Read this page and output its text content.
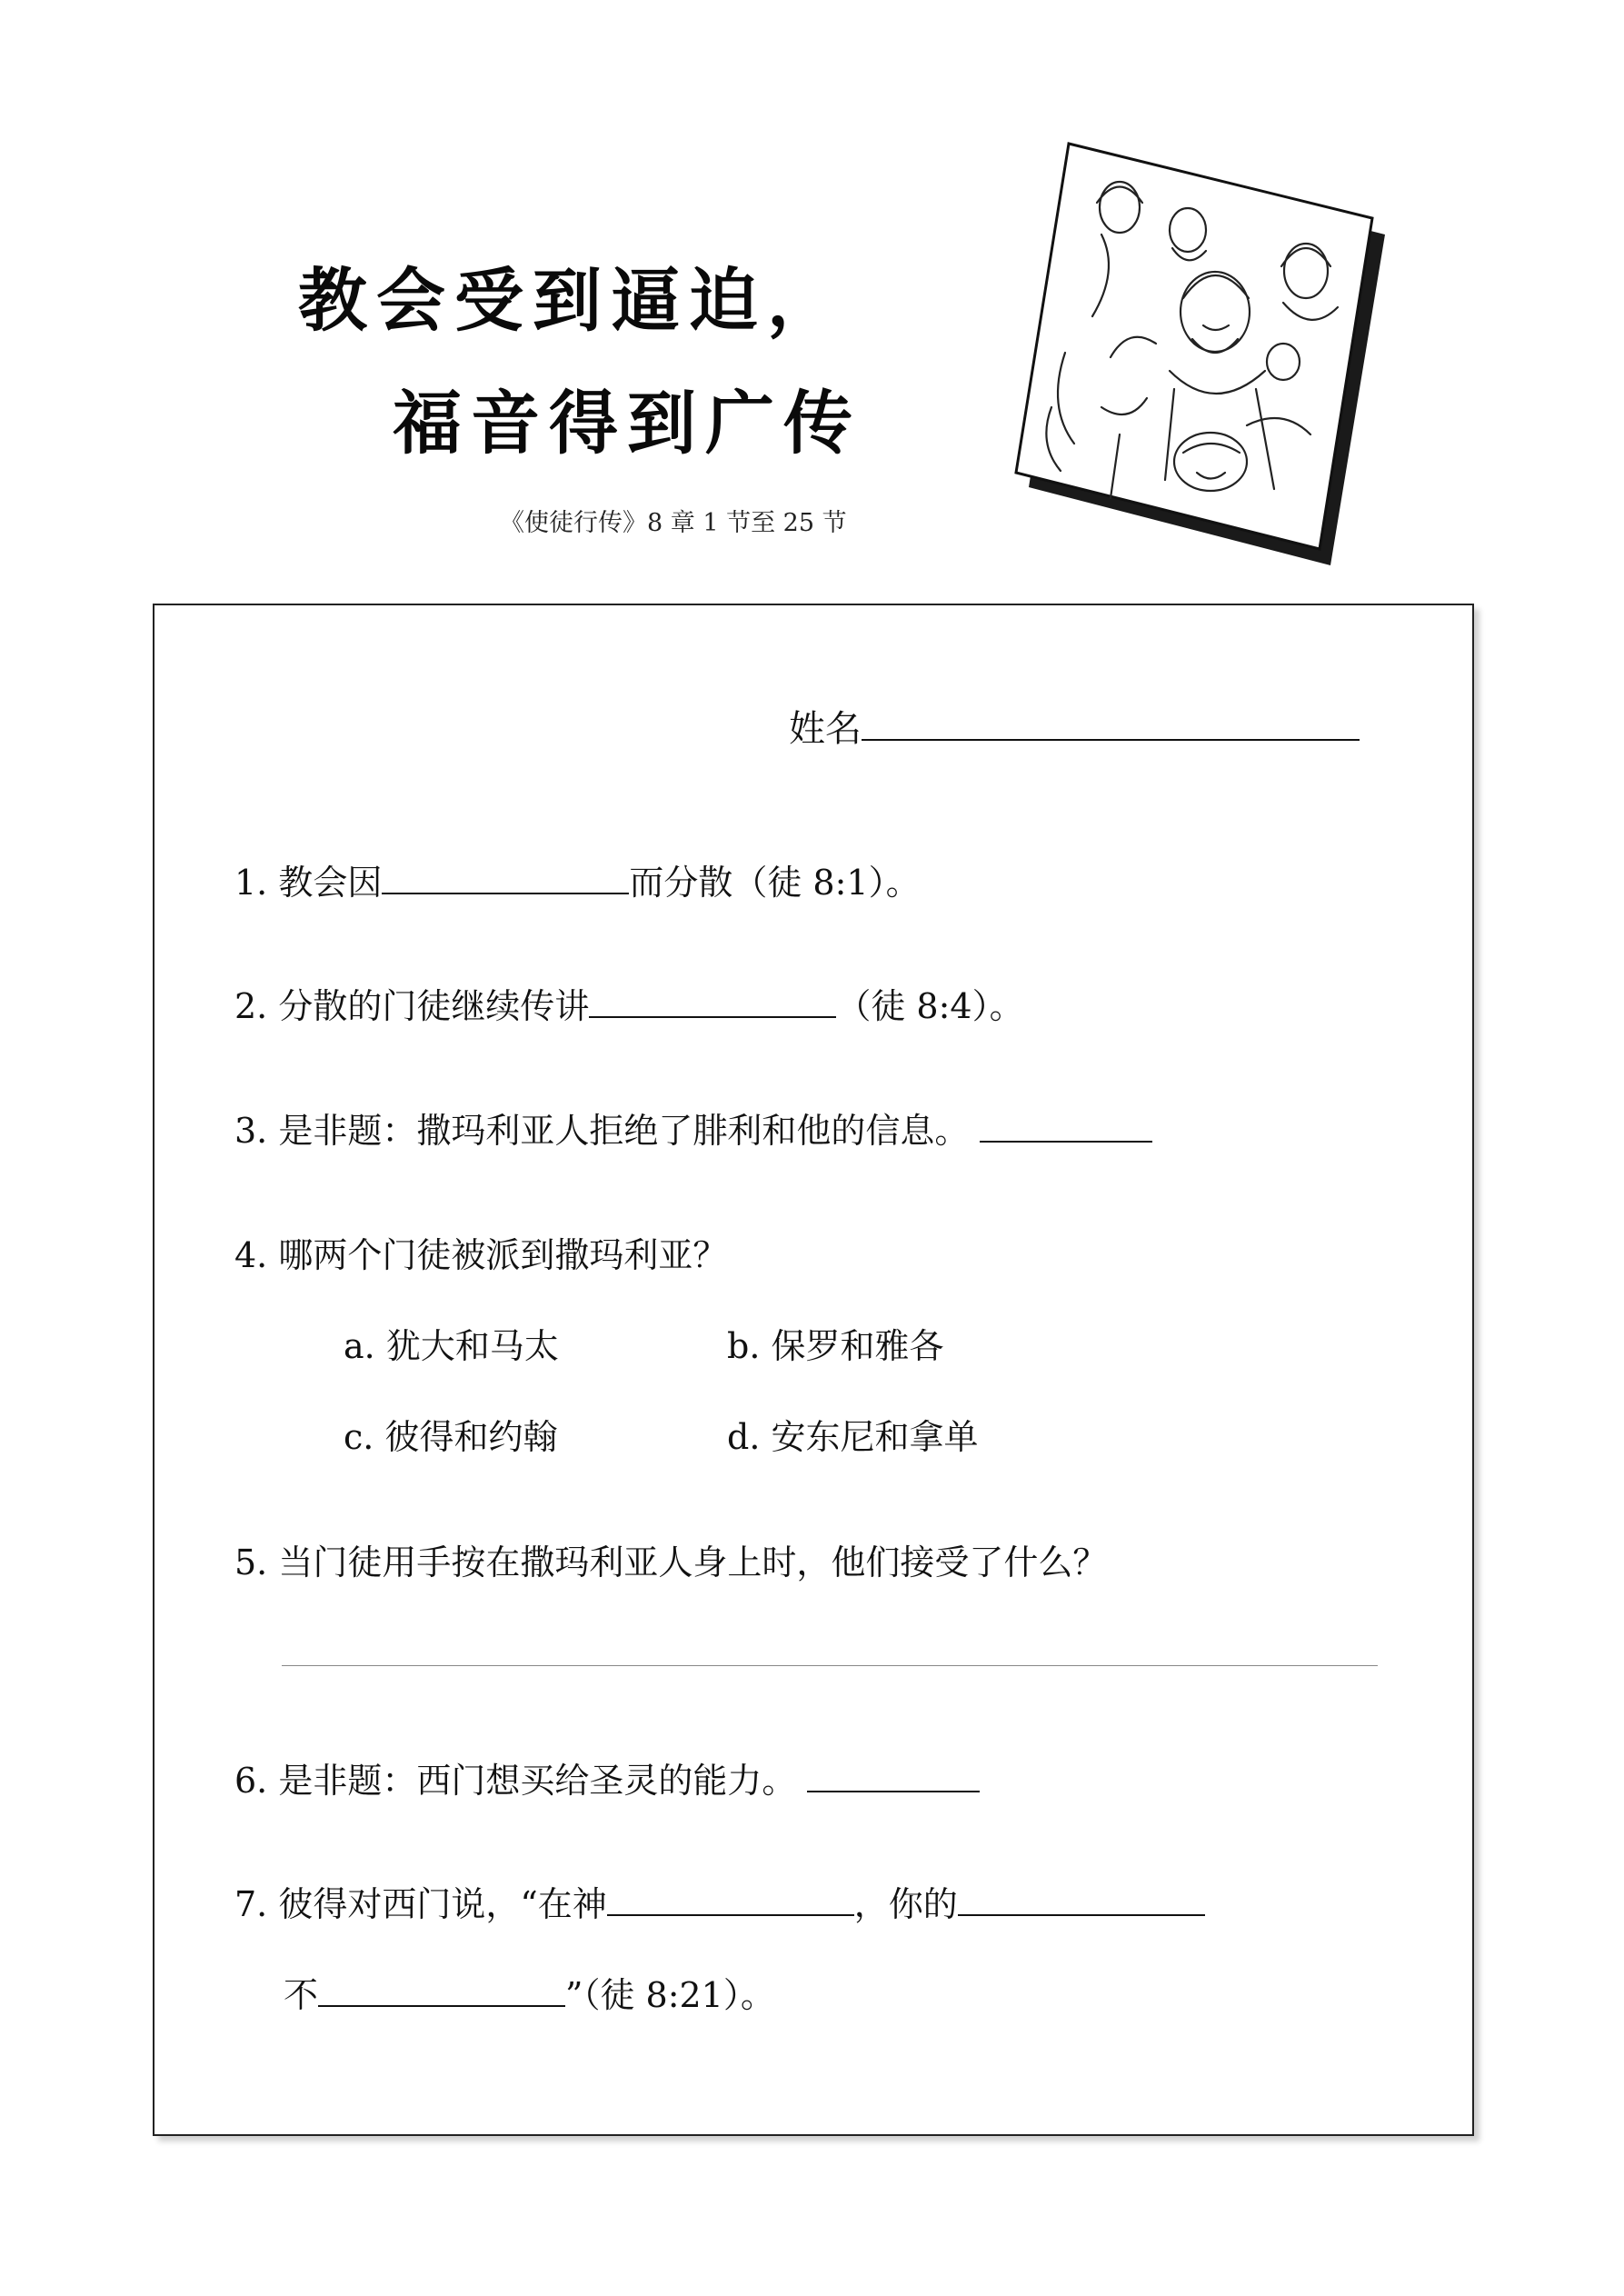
教会受到逼迫，
福音得到广传
《使徒行传》8 章 1 节至 25 节
姓名
1. 教会因	而分散（徒 8:1）。
2. 分散的门徒继续传讲	（徒 8:4）。
3. 是非题：撒玛利亚人拒绝了腓利和他的信息。
4. 哪两个门徒被派到撒玛利亚？
a. 犹大和马太	b. 保罗和雅各
c. 彼得和约翰	d. 安东尼和拿单
5. 当门徒用手按在撒玛利亚人身上时，他们接受了什么？
6. 是非题：西门想买给圣灵的能力。
7. 彼得对西门说，“在神	，你的
不	”（徒 8:21）。
